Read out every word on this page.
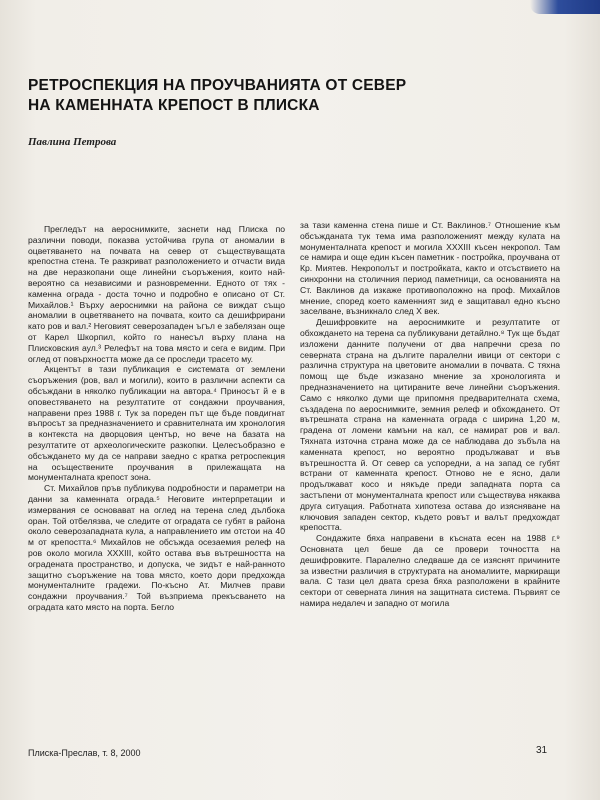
РЕТРОСПЕКЦИЯ НА ПРОУЧВАНИЯТА ОТ СЕВЕР
НА КАМЕННАТА КРЕПОСТ В ПЛИСКА
Павлина Петрова

Прегледът на аероснимките, заснети над Плиска по различни поводи, показва устойчива група от аномалии в оцветяването на почвата на север от съществуващата крепостна стена. Те разкриват разположението и отчасти вида на две неразкопани още линейни съоръжения, които най-вероятно са независими и разновременни. Едното от тях - каменна ограда - доста точно и подробно е описано от Ст. Михайлов.¹ Върху аероснимки на района се виждат също аномалии в оцветяването на почвата, които са дешифрирани като ров и вал.² Неговият северозападен ъгъл е забелязан още от Карел Шкорпил, който го нанесъл върху плана на Плисковския аул.³ Релефът на това място и сега е видим. При оглед от повърхността може да се проследи трасето му.

Акцентът в тази публикация е системата от землени съоръжения (ров, вал и могили), които в различни аспекти са обсъждани в няколко публикации на автора.⁴ Приносът й е в оповестяването на резултатите от сондажни проучвания, направени през 1988 г. Тук за пореден път ще бъде повдигнат въпросът за предназначението и сравнителната им хронология в контекста на дворцовия център, но вече на базата на резултатите от археологическите разкопки. Целесъобразно е обсъждането му да се направи заедно с кратка ретроспекция на осъществените проучвания в прилежащата на монументалната крепост зона.

Ст. Михайлов пръв публикува подробности и параметри на данни за каменната ограда.⁵ Неговите интерпретации и измервания се основават на оглед на терена след дълбока оран. Той отбелязва, че следите от оградата се губят в района около северозападната кула, а направлението им отстои на 40 м от крепостта.⁶ Михайлов не обсъжда осезаемия релеф на ров около могила XXXIII, който остава във вътрешността на оградената пространство, и допуска, че зидът е най-ранното защитно съоръжение на това място, което дори предхожда монументалните градежи. По-късно Ат. Милчев прави сондажни проучвания.⁷ Той възприема прекъсването на оградата като място на порта. Бегло

за тази каменна стена пише и Ст. Ваклинов.⁷ Отношение към обсъжданата тук тема има разположеният между кулата на монументалната крепост и могила XXXIII късен некропол. Там се намира и още един късен паметник - постройка, проучвана от Кр. Миятев. Некрополът и постройката, както и отсъствието на синхронни на столичния период паметници, са основанията на Ст. Ваклинов да изкаже противоположно на проф. Михайлов мнение, според което каменният зид е защитавал едно късно заселване, възникнало след X век.

Дешифровките на аероснимките и резултатите от обхождането на терена са публикувани детайлно.⁸ Тук ще бъдат изложени данните получени от два напречни среза по северната страна на дългите паралелни ивици от сектори с различна структура на цветовите аномалии в почвата. С тяхна помощ ще бъде изказано мнение за хронологията и предназначението на цитираните вече линейни съоръжения. Само с няколко думи ще припомня предварителната схема, създадена по аероснимките, земния релеф и обхождането. От вътрешната страна на каменната ограда с ширина 1,20 м, градена от ломени камъни на кал, се намират ров и вал. Тяхната източна страна може да се наблюдава до зъбъла на каменната крепост, но вероятно продължават и във вътрешността й. От север са успоредни, а на запад се губят встрани от каменната крепост. Отново не е ясно, дали продължават косо и някъде преди западната порта са застъпени от монументалната крепост или съществува някаква друга ситуация. Работната хипотеза остава до изясняване на ключовия западен сектор, където ровът и валът предхождат крепостта.

Сондажите бяха направени в късната есен на 1988 г.⁹ Основната цел беше да се провери точността на дешифровките. Паралелно следваше да се изяснят причините за известни различия в структурата на аномалиите, маркиращи вала. С тази цел двата среза бяха разположени в крайните сектори от северната линия на защитната система. Първият се намира недалеч и западно от могила

Плиска-Преслав, т. 8, 2000	31
